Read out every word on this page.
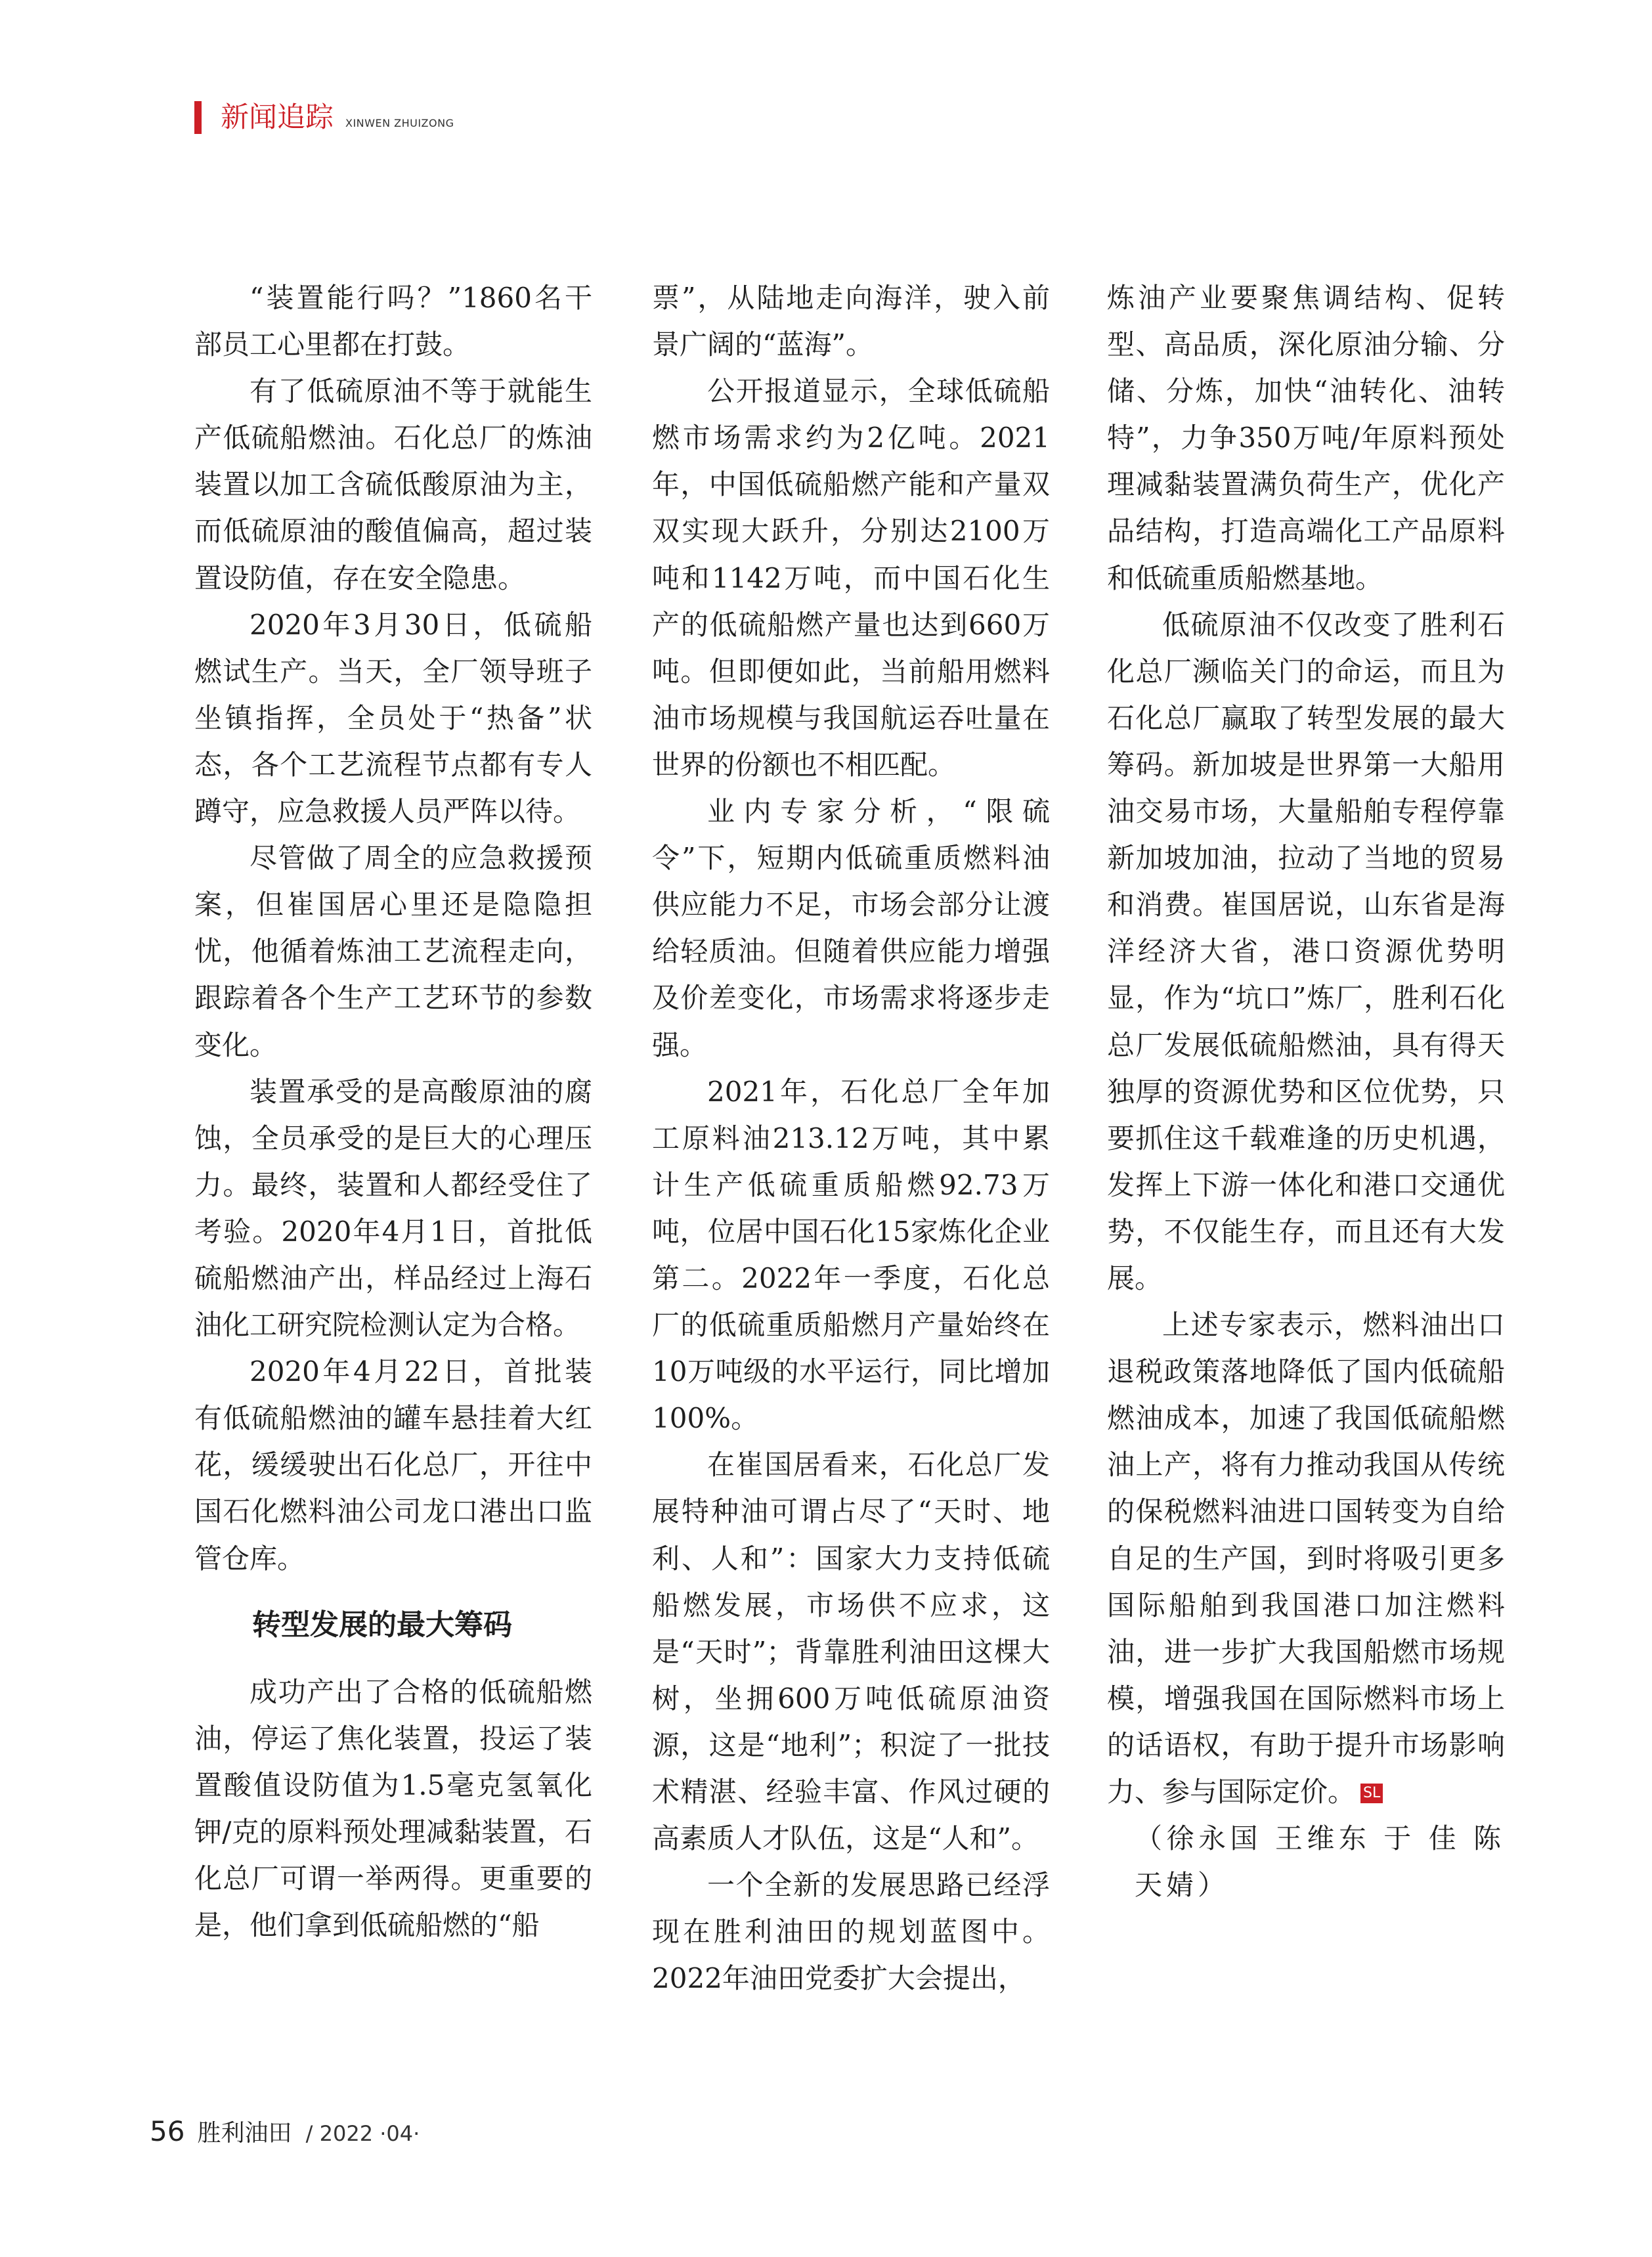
新闻追踪 XINWEN ZHUIZONG

“装置能行吗？”1860名干部员工心里都在打鼓。

有了低硫原油不等于就能生产低硫船燃油。石化总厂的炼油装置以加工含硫低酸原油为主，而低硫原油的酸值偏高，超过装置设防值，存在安全隐患。

2020年3月30日，低硫船燃试生产。当天，全厂领导班子坐镇指挥，全员处于“热备”状态，各个工艺流程节点都有专人蹲守，应急救援人员严阵以待。

尽管做了周全的应急救援预案，但崔国居心里还是隐隐担忧，他循着炼油工艺流程走向，跟踪着各个生产工艺环节的参数变化。

装置承受的是高酸原油的腐蚀，全员承受的是巨大的心理压力。最终，装置和人都经受住了考验。2020年4月1日，首批低硫船燃油产出，样品经过上海石油化工研究院检测认定为合格。

2020年4月22日，首批装有低硫船燃油的罐车悬挂着大红花，缓缓驶出石化总厂，开往中国石化燃料油公司龙口港出口监管仓库。

转型发展的最大筹码

成功产出了合格的低硫船燃油，停运了焦化装置，投运了装置酸值设防值为1.5毫克氢氧化钾/克的原料预处理减黏装置，石化总厂可谓一举两得。更重要的是，他们拿到低硫船燃的“船

票”，从陆地走向海洋，驶入前景广阔的“蓝海”。

公开报道显示，全球低硫船燃市场需求约为2亿吨。2021年，中国低硫船燃产能和产量双双实现大跃升，分别达2100万吨和1142万吨，而中国石化生产的低硫船燃产量也达到660万吨。但即便如此，当前船用燃料油市场规模与我国航运吞吐量在世界的份额也不相匹配。

业内专家分析，“限硫令”下，短期内低硫重质燃料油供应能力不足，市场会部分让渡给轻质油。但随着供应能力增强及价差变化，市场需求将逐步走强。

2021年，石化总厂全年加工原料油213.12万吨，其中累计生产低硫重质船燃92.73万吨，位居中国石化15家炼化企业第二。2022年一季度，石化总厂的低硫重质船燃月产量始终在10万吨级的水平运行，同比增加100%。

在崔国居看来，石化总厂发展特种油可谓占尽了“天时、地利、人和”：国家大力支持低硫船燃发展，市场供不应求，这是“天时”；背靠胜利油田这棵大树，坐拥600万吨低硫原油资源，这是“地利”；积淀了一批技术精湛、经验丰富、作风过硬的高素质人才队伍，这是“人和”。

一个全新的发展思路已经浮现在胜利油田的规划蓝图中。2022年油田党委扩大会提出，

炼油产业要聚焦调结构、促转型、高品质，深化原油分输、分储、分炼，加快“油转化、油转特”，力争350万吨/年原料预处理减黏装置满负荷生产，优化产品结构，打造高端化工产品原料和低硫重质船燃基地。

低硫原油不仅改变了胜利石化总厂濒临关门的命运，而且为石化总厂赢取了转型发展的最大筹码。新加坡是世界第一大船用油交易市场，大量船舶专程停靠新加坡加油，拉动了当地的贸易和消费。崔国居说，山东省是海洋经济大省，港口资源优势明显，作为“坑口”炼厂，胜利石化总厂发展低硫船燃油，具有得天独厚的资源优势和区位优势，只要抓住这千载难逢的历史机遇，发挥上下游一体化和港口交通优势，不仅能生存，而且还有大发展。

上述专家表示，燃料油出口退税政策落地降低了国内低硫船燃油成本，加速了我国低硫船燃油上产，将有力推动我国从传统的保税燃料油进口国转变为自给自足的生产国，到时将吸引更多国际船舶到我国港口加注燃料油，进一步扩大我国船燃市场规模，增强我国在国际燃料市场上的话语权，有助于提升市场影响力、参与国际定价。 SL

（徐永国 王维东 于 佳 陈天婧）

56 胜利油田 / 2022 ·04·
